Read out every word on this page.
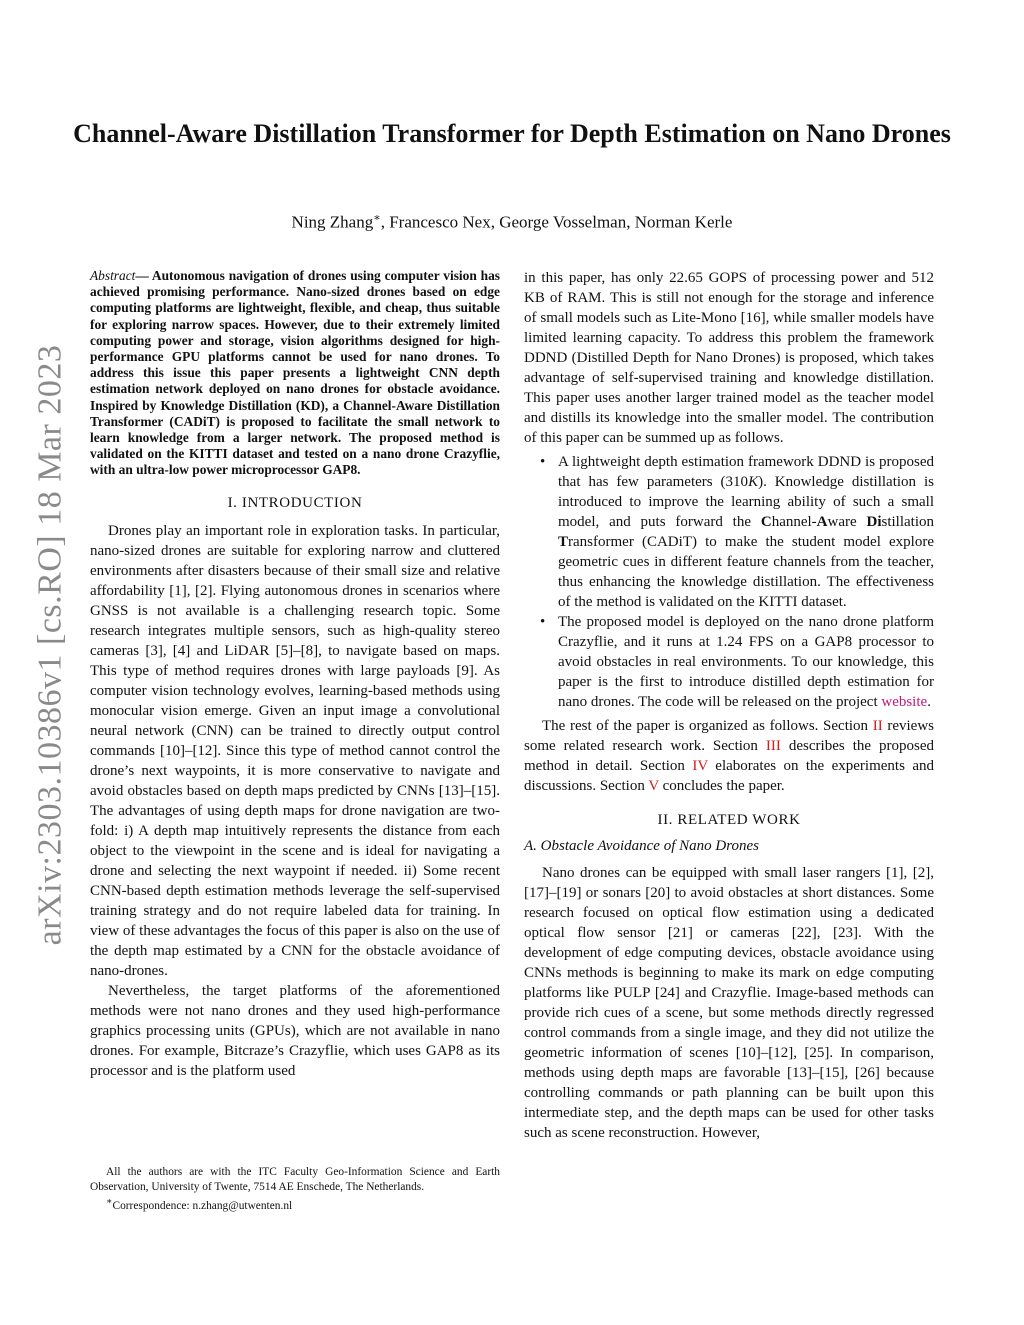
arXiv:2303.10386v1 [cs.RO] 18 Mar 2023
Channel-Aware Distillation Transformer for Depth Estimation on Nano Drones

Ning Zhang∗, Francesco Nex, George Vosselman, Norman Kerle

Abstract— Autonomous navigation of drones using computer vision has achieved promising performance. Nano-sized drones based on edge computing platforms are lightweight, flexible, and cheap, thus suitable for exploring narrow spaces. However, due to their extremely limited computing power and storage, vision algorithms designed for high-performance GPU platforms cannot be used for nano drones. To address this issue this paper presents a lightweight CNN depth estimation network deployed on nano drones for obstacle avoidance. Inspired by Knowledge Distillation (KD), a Channel-Aware Distillation Transformer (CADiT) is proposed to facilitate the small network to learn knowledge from a larger network. The proposed method is validated on the KITTI dataset and tested on a nano drone Crazyflie, with an ultra-low power microprocessor GAP8.

I. INTRODUCTION

Drones play an important role in exploration tasks. In particular, nano-sized drones are suitable for exploring narrow and cluttered environments after disasters because of their small size and relative affordability [1], [2]. Flying autonomous drones in scenarios where GNSS is not available is a challenging research topic. Some research integrates multiple sensors, such as high-quality stereo cameras [3], [4] and LiDAR [5]–[8], to navigate based on maps. This type of method requires drones with large payloads [9]. As computer vision technology evolves, learning-based methods using monocular vision emerge. Given an input image a convolutional neural network (CNN) can be trained to directly output control commands [10]–[12]. Since this type of method cannot control the drone’s next waypoints, it is more conservative to navigate and avoid obstacles based on depth maps predicted by CNNs [13]–[15]. The advantages of using depth maps for drone navigation are two-fold: i) A depth map intuitively represents the distance from each object to the viewpoint in the scene and is ideal for navigating a drone and selecting the next waypoint if needed. ii) Some recent CNN-based depth estimation methods leverage the self-supervised training strategy and do not require labeled data for training. In view of these advantages the focus of this paper is also on the use of the depth map estimated by a CNN for the obstacle avoidance of nano-drones.

Nevertheless, the target platforms of the aforementioned methods were not nano drones and they used high-performance graphics processing units (GPUs), which are not available in nano drones. For example, Bitcraze’s Crazyflie, which uses GAP8 as its processor and is the platform used

All the authors are with the ITC Faculty Geo-Information Science and Earth Observation, University of Twente, 7514 AE Enschede, The Netherlands.

∗Correspondence: n.zhang@utwenten.nl

in this paper, has only 22.65 GOPS of processing power and 512 KB of RAM. This is still not enough for the storage and inference of small models such as Lite-Mono [16], while smaller models have limited learning capacity. To address this problem the framework DDND (Distilled Depth for Nano Drones) is proposed, which takes advantage of self-supervised training and knowledge distillation. This paper uses another larger trained model as the teacher model and distills its knowledge into the smaller model. The contribution of this paper can be summed up as follows.

• A lightweight depth estimation framework DDND is proposed that has few parameters (310K). Knowledge distillation is introduced to improve the learning ability of such a small model, and puts forward the Channel-Aware Distillation Transformer (CADiT) to make the student model explore geometric cues in different feature channels from the teacher, thus enhancing the knowledge distillation. The effectiveness of the method is validated on the KITTI dataset.
• The proposed model is deployed on the nano drone platform Crazyflie, and it runs at 1.24 FPS on a GAP8 processor to avoid obstacles in real environments. To our knowledge, this paper is the first to introduce distilled depth estimation for nano drones. The code will be released on the project website.

The rest of the paper is organized as follows. Section II reviews some related research work. Section III describes the proposed method in detail. Section IV elaborates on the experiments and discussions. Section V concludes the paper.

II. RELATED WORK
A. Obstacle Avoidance of Nano Drones

Nano drones can be equipped with small laser rangers [1], [2], [17]–[19] or sonars [20] to avoid obstacles at short distances. Some research focused on optical flow estimation using a dedicated optical flow sensor [21] or cameras [22], [23]. With the development of edge computing devices, obstacle avoidance using CNNs methods is beginning to make its mark on edge computing platforms like PULP [24] and Crazyflie. Image-based methods can provide rich cues of a scene, but some methods directly regressed control commands from a single image, and they did not utilize the geometric information of scenes [10]–[12], [25]. In comparison, methods using depth maps are favorable [13]–[15], [26] because controlling commands or path planning can be built upon this intermediate step, and the depth maps can be used for other tasks such as scene reconstruction. However,
